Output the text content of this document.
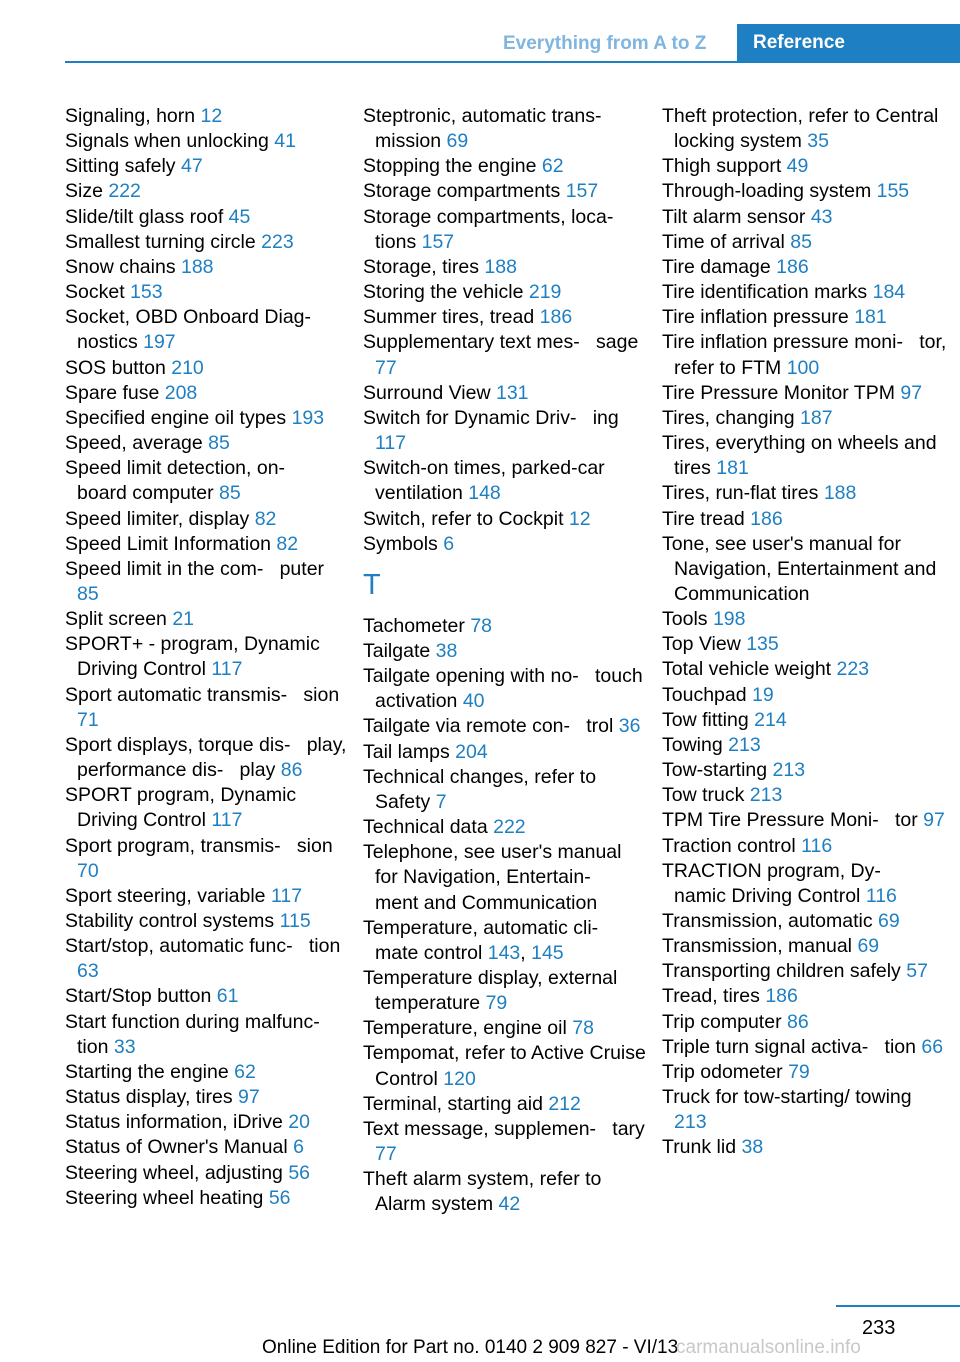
Everything from A to Z	Reference
Signaling, horn 12
Signals when unlocking 41
Sitting safely 47
Size 222
Slide/tilt glass roof 45
Smallest turning circle 223
Snow chains 188
Socket 153
Socket, OBD Onboard Diag-   nostics 197
SOS button 210
Spare fuse 208
Specified engine oil types 193
Speed, average 85
Speed limit detection, on-   board computer 85
Speed limiter, display 82
Speed Limit Information 82
Speed limit in the com-   puter 85
Split screen 21
SPORT+ - program, Dynamic Driving Control 117
Sport automatic transmis-   sion 71
Sport displays, torque dis-   play, performance dis-   play 86
SPORT program, Dynamic Driving Control 117
Sport program, transmis-   sion 70
Sport steering, variable 117
Stability control systems 115
Start/stop, automatic func-   tion 63
Start/Stop button 61
Start function during malfunc-   tion 33
Starting the engine 62
Status display, tires 97
Status information, iDrive 20
Status of Owner's Manual 6
Steering wheel, adjusting 56
Steering wheel heating 56
Steptronic, automatic trans-   mission 69
Stopping the engine 62
Storage compartments 157
Storage compartments, loca-   tions 157
Storage, tires 188
Storing the vehicle 219
Summer tires, tread 186
Supplementary text mes-   sage 77
Surround View 131
Switch for Dynamic Driv-   ing 117
Switch-on times, parked-car ventilation 148
Switch, refer to Cockpit 12
Symbols 6
T
Tachometer 78
Tailgate 38
Tailgate opening with no-   touch activation 40
Tailgate via remote con-   trol 36
Tail lamps 204
Technical changes, refer to Safety 7
Technical data 222
Telephone, see user's manual for Navigation, Entertain-   ment and Communication
Temperature, automatic cli-   mate control 143, 145
Temperature display, external temperature 79
Temperature, engine oil 78
Tempomat, refer to Active Cruise Control 120
Terminal, starting aid 212
Text message, supplemen-   tary 77
Theft alarm system, refer to Alarm system 42
Theft protection, refer to Central locking system 35
Thigh support 49
Through-loading system 155
Tilt alarm sensor 43
Time of arrival 85
Tire damage 186
Tire identification marks 184
Tire inflation pressure 181
Tire inflation pressure moni-   tor, refer to FTM 100
Tire Pressure Monitor TPM 97
Tires, changing 187
Tires, everything on wheels and tires 181
Tires, run-flat tires 188
Tire tread 186
Tone, see user's manual for Navigation, Entertainment and Communication
Tools 198
Top View 135
Total vehicle weight 223
Touchpad 19
Tow fitting 214
Towing 213
Tow-starting 213
Tow truck 213
TPM Tire Pressure Moni-   tor 97
Traction control 116
TRACTION program, Dy-   namic Driving Control 116
Transmission, automatic 69
Transmission, manual 69
Transporting children safely 57
Tread, tires 186
Trip computer 86
Triple turn signal activa-   tion 66
Trip odometer 79
Truck for tow-starting/ towing 213
Trunk lid 38
233
Online Edition for Part no. 0140 2 909 827 - VI/13
carmanualsonline.info
